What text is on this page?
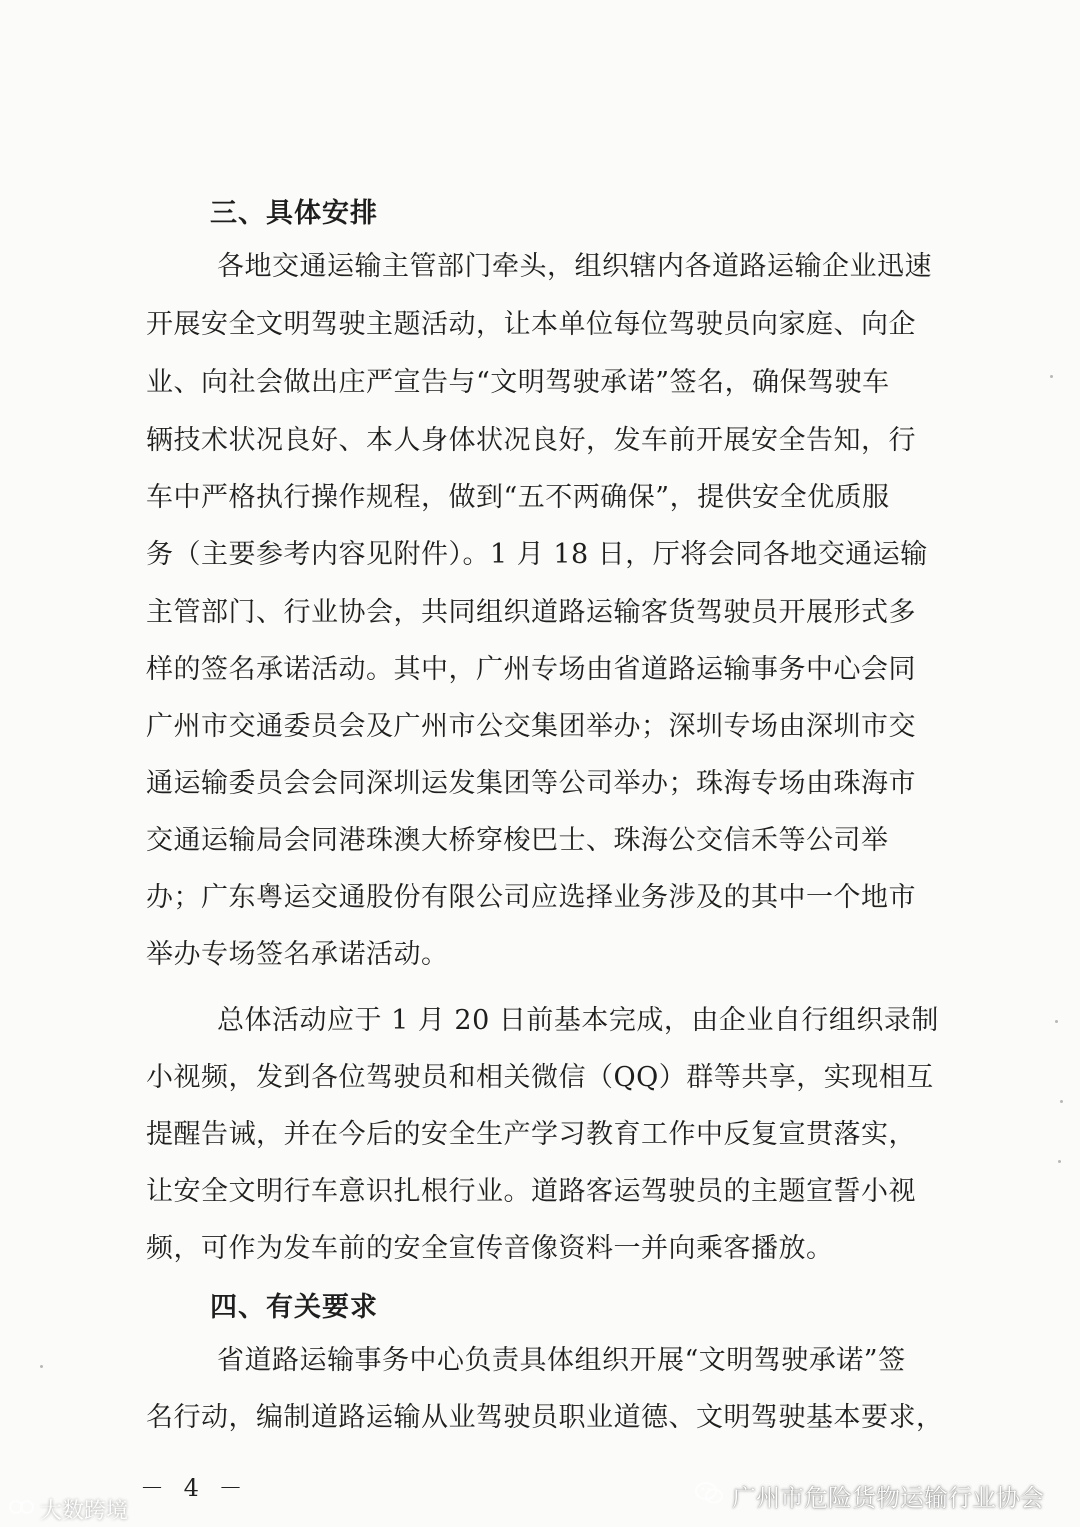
三、具体安排
各地交通运输主管部门牵头，组织辖内各道路运输企业迅速
开展安全文明驾驶主题活动，让本单位每位驾驶员向家庭、向企
业、向社会做出庄严宣告与“文明驾驶承诺”签名，确保驾驶车
辆技术状况良好、本人身体状况良好，发车前开展安全告知，行
车中严格执行操作规程，做到“五不两确保”，提供安全优质服
务（主要参考内容见附件）。1 月 18 日，厅将会同各地交通运输
主管部门、行业协会，共同组织道路运输客货驾驶员开展形式多
样的签名承诺活动。其中，广州专场由省道路运输事务中心会同
广州市交通委员会及广州市公交集团举办；深圳专场由深圳市交
通运输委员会会同深圳运发集团等公司举办；珠海专场由珠海市
交通运输局会同港珠澳大桥穿梭巴士、珠海公交信禾等公司举
办；广东粤运交通股份有限公司应选择业务涉及的其中一个地市
举办专场签名承诺活动。
总体活动应于 1 月 20 日前基本完成，由企业自行组织录制
小视频，发到各位驾驶员和相关微信（QQ）群等共享，实现相互
提醒告诫，并在今后的安全生产学习教育工作中反复宣贯落实，
让安全文明行车意识扎根行业。道路客运驾驶员的主题宣誓小视
频，可作为发车前的安全宣传音像资料一并向乘客播放。
四、有关要求
省道路运输事务中心负责具体组织开展“文明驾驶承诺”签
名行动，编制道路运输从业驾驶员职业道德、文明驾驶基本要求，
－ 4 －	广州市危险货物运输行业协会
大数跨境
